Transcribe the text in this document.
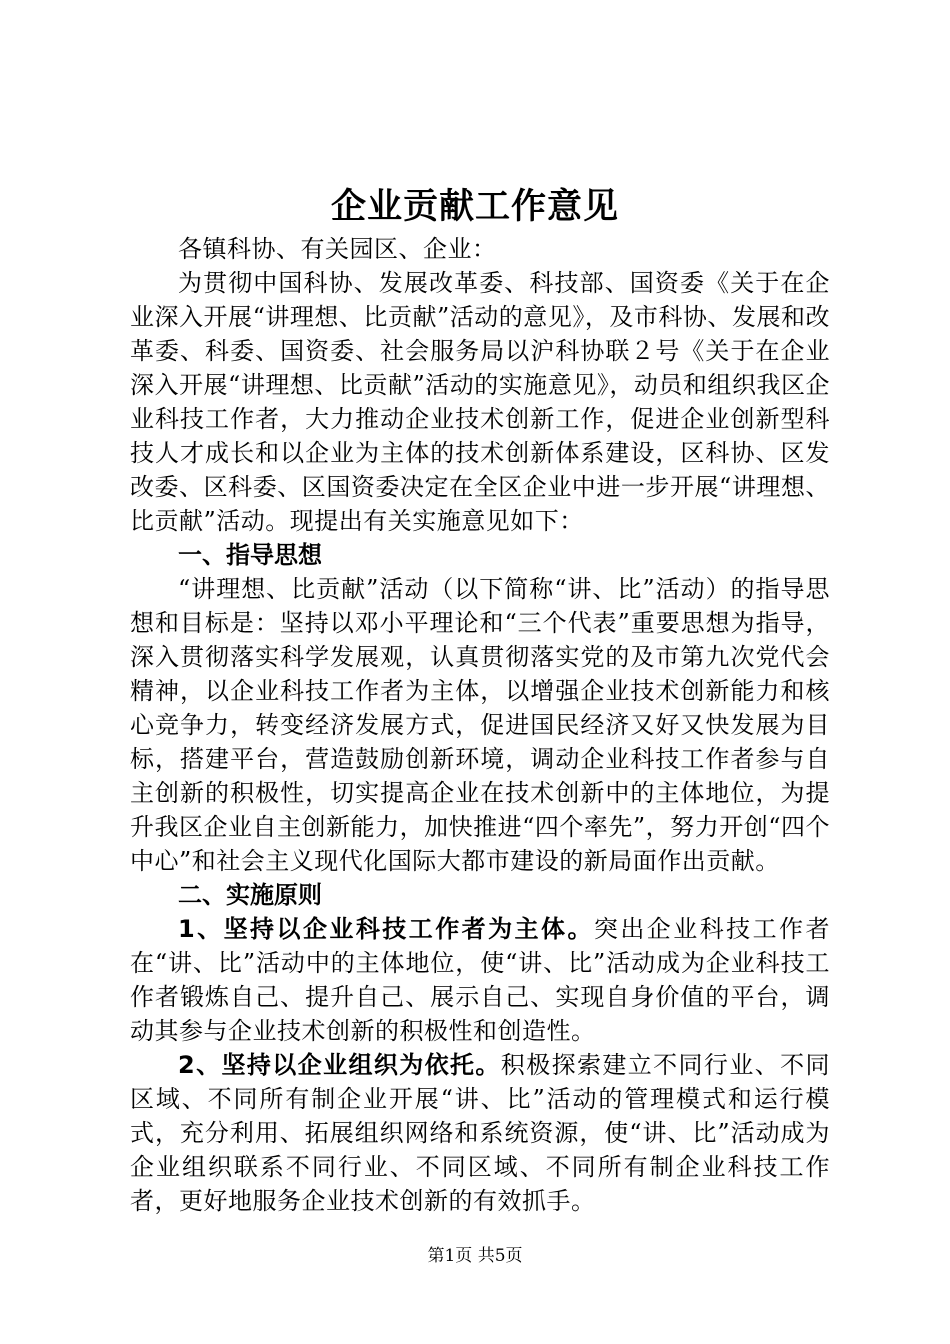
企业贡献工作意见

各镇科协、有关园区、企业：

为贯彻中国科协、发展改革委、科技部、国资委《关于在企业深入开展“讲理想、比贡献”活动的意见》，及市科协、发展和改革委、科委、国资委、社会服务局以沪科协联２号《关于在企业深入开展“讲理想、比贡献”活动的实施意见》，动员和组织我区企业科技工作者，大力推动企业技术创新工作，促进企业创新型科技人才成长和以企业为主体的技术创新体系建设，区科协、区发改委、区科委、区国资委决定在全区企业中进一步开展“讲理想、比贡献”活动。现提出有关实施意见如下：

一、指导思想

“讲理想、比贡献”活动（以下简称“讲、比”活动）的指导思想和目标是：坚持以邓小平理论和“三个代表”重要思想为指导，深入贯彻落实科学发展观，认真贯彻落实党的及市第九次党代会精神，以企业科技工作者为主体，以增强企业技术创新能力和核心竞争力，转变经济发展方式，促进国民经济又好又快发展为目标，搭建平台，营造鼓励创新环境，调动企业科技工作者参与自主创新的积极性，切实提高企业在技术创新中的主体地位，为提升我区企业自主创新能力，加快推进“四个率先”，努力开创“四个中心”和社会主义现代化国际大都市建设的新局面作出贡献。

二、实施原则

1、坚持以企业科技工作者为主体。突出企业科技工作者在“讲、比”活动中的主体地位，使“讲、比”活动成为企业科技工作者锻炼自己、提升自己、展示自己、实现自身价值的平台，调动其参与企业技术创新的积极性和创造性。

2、坚持以企业组织为依托。积极探索建立不同行业、不同区域、不同所有制企业开展“讲、比”活动的管理模式和运行模式，充分利用、拓展组织网络和系统资源，使“讲、比”活动成为企业组织联系不同行业、不同区域、不同所有制企业科技工作者，更好地服务企业技术创新的有效抓手。

第1页 共5页
